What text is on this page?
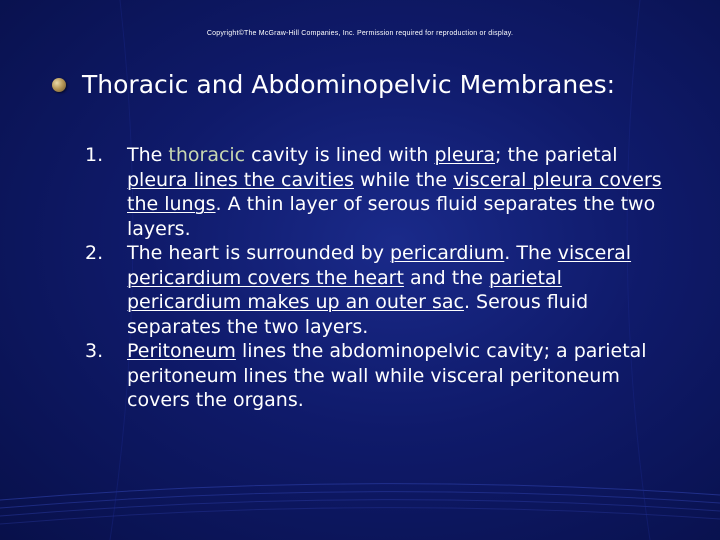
Copyright©The McGraw-Hill Companies, Inc. Permission required for reproduction or display.
Thoracic and Abdominopelvic Membranes:
1. The thoracic cavity is lined with pleura; the parietal pleura lines the cavities while the visceral pleura covers the lungs. A thin layer of serous fluid separates the two layers.
2. The heart is surrounded by pericardium. The visceral pericardium covers the heart and the parietal pericardium makes up an outer sac. Serous fluid separates the two layers.
3. Peritoneum lines the abdominopelvic cavity; a parietal peritoneum lines the wall while visceral peritoneum covers the organs.
